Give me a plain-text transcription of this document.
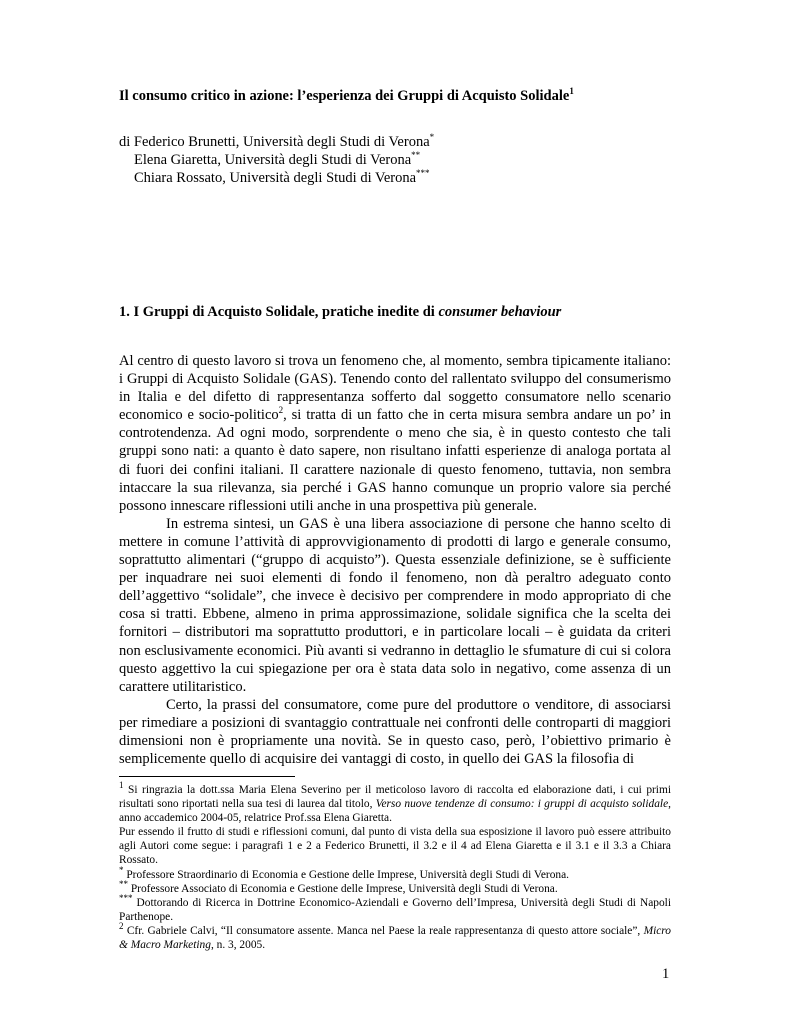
Il consumo critico in azione: l’esperienza dei Gruppi di Acquisto Solidale$^1$
di Federico Brunetti, Università degli Studi di Verona*
Elena Giaretta, Università degli Studi di Verona**
Chiara Rossato, Università degli Studi di Verona***
1. I Gruppi di Acquisto Solidale, pratiche inedite di consumer behaviour

Al centro di questo lavoro si trova un fenomeno che, al momento, sembra tipicamente italiano: i Gruppi di Acquisto Solidale (GAS). Tenendo conto del rallentato sviluppo del consumerismo in Italia e del difetto di rappresentanza sofferto dal soggetto consumatore nello scenario economico e socio-politico$^2$, si tratta di un fatto che in certa misura sembra andare un po’ in controtendenza. Ad ogni modo, sorprendente o meno che sia, è in questo contesto che tali gruppi sono nati: a quanto è dato sapere, non risultano infatti esperienze di analoga portata al di fuori dei confini italiani. Il carattere nazionale di questo fenomeno, tuttavia, non sembra intaccare la sua rilevanza, sia perché i GAS hanno comunque un proprio valore sia perché possono innescare riflessioni utili anche in una prospettiva più generale.

In estrema sintesi, un GAS è una libera associazione di persone che hanno scelto di mettere in comune l’attività di approvvigionamento di prodotti di largo e generale consumo, soprattutto alimentari (“gruppo di acquisto”). Questa essenziale definizione, se è sufficiente per inquadrare nei suoi elementi di fondo il fenomeno, non dà peraltro adeguato conto dell’aggettivo “solidale”, che invece è decisivo per comprendere in modo appropriato di che cosa si tratti. Ebbene, almeno in prima approssimazione, solidale significa che la scelta dei fornitori – distributori ma soprattutto produttori, e in particolare locali – è guidata da criteri non esclusivamente economici. Più avanti si vedranno in dettaglio le sfumature di cui si colora questo aggettivo la cui spiegazione per ora è stata data solo in negativo, come assenza di un carattere utilitaristico.

Certo, la prassi del consumatore, come pure del produttore o venditore, di associarsi per rimediare a posizioni di svantaggio contrattuale nei confronti delle controparti di maggiori dimensioni non è propriamente una novità. Se in questo caso, però, l’obiettivo primario è semplicemente quello di acquisire dei vantaggi di costo, in quello dei GAS la filosofia di

$^1$ Si ringrazia la dott.ssa Maria Elena Severino per il meticoloso lavoro di raccolta ed elaborazione dati, i cui primi risultati sono riportati nella sua tesi di laurea dal titolo, Verso nuove tendenze di consumo: i gruppi di acquisto solidale, anno accademico 2004-05, relatrice Prof.ssa Elena Giaretta.

Pur essendo il frutto di studi e riflessioni comuni, dal punto di vista della sua esposizione il lavoro può essere attribuito agli Autori come segue: i paragrafi 1 e 2 a Federico Brunetti, il 3.2 e il 4 ad Elena Giaretta e il 3.1 e il 3.3 a Chiara Rossato.

* Professore Straordinario di Economia e Gestione delle Imprese, Università degli Studi di Verona.

** Professore Associato di Economia e Gestione delle Imprese, Università degli Studi di Verona.

*** Dottorando di Ricerca in Dottrine Economico-Aziendali e Governo dell’Impresa, Università degli Studi di Napoli Parthenope.

$^2$ Cfr. Gabriele Calvi, “Il consumatore assente. Manca nel Paese la reale rappresentanza di questo attore sociale”, Micro & Macro Marketing, n. 3, 2005.

1
